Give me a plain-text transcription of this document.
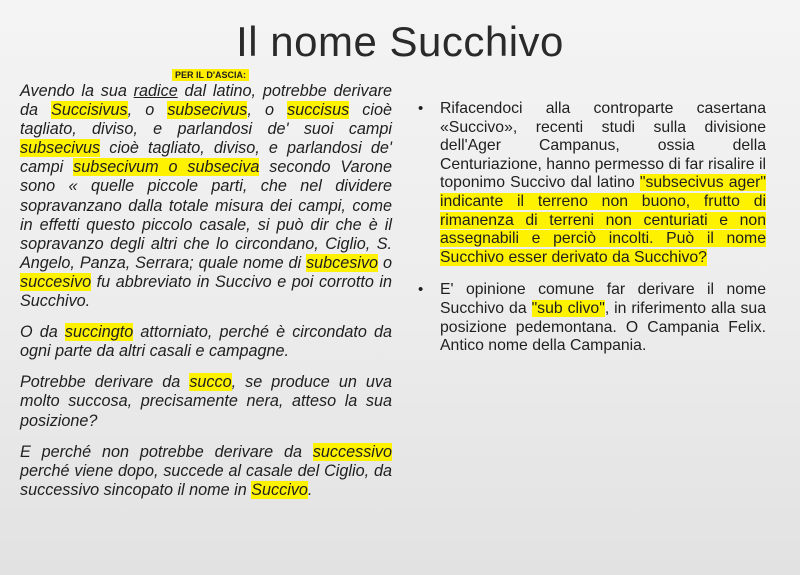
Il nome Succhivo
PER IL D'ASCIA:

Avendo la sua radice dal latino, potrebbe derivare da Succisivus, o subsecivus, o succisus cioè tagliato, diviso, e parlandosi de' suoi campi subsecivus cioè tagliato, diviso, e parlandosi de' campi subsecivum o subseciva secondo Varone sono « quelle piccole parti, che nel dividere sopravanzano dalla totale misura dei campi, come in effetti questo piccolo casale, si può dir che è il sopravanzo degli altri che lo circondano, Ciglio, S. Angelo, Panza, Serrara; quale nome di subcesivo o succesivo fu abbreviato in Succivo e poi corrotto in Succhivo.

O da succingto attorniato, perché è circondato da ogni parte da altri casali e campagne.

Potrebbe derivare da succo, se produce un uva molto succosa, precisamente nera, atteso la sua posizione?

E perché non potrebbe derivare da successivo perché viene dopo, succede al casale del Ciglio, da successivo sincopato il nome in Succivo.

• Rifacendoci alla controparte casertana «Succivo», recenti studi sulla divisione dell'Ager Campanus, ossia della Centuriazione, hanno permesso di far risalire il toponimo Succivo dal latino "subsecivus ager" indicante il terreno non buono, frutto di rimanenza di terreni non centuriati e non assegnabili e perciò incolti. Può il nome Succhivo esser derivato da Succhivo?
• E' opinione comune far derivare il nome Succhivo da "sub clivo", in riferimento alla sua posizione pedemontana. O Campania Felix. Antico nome della Campania.
